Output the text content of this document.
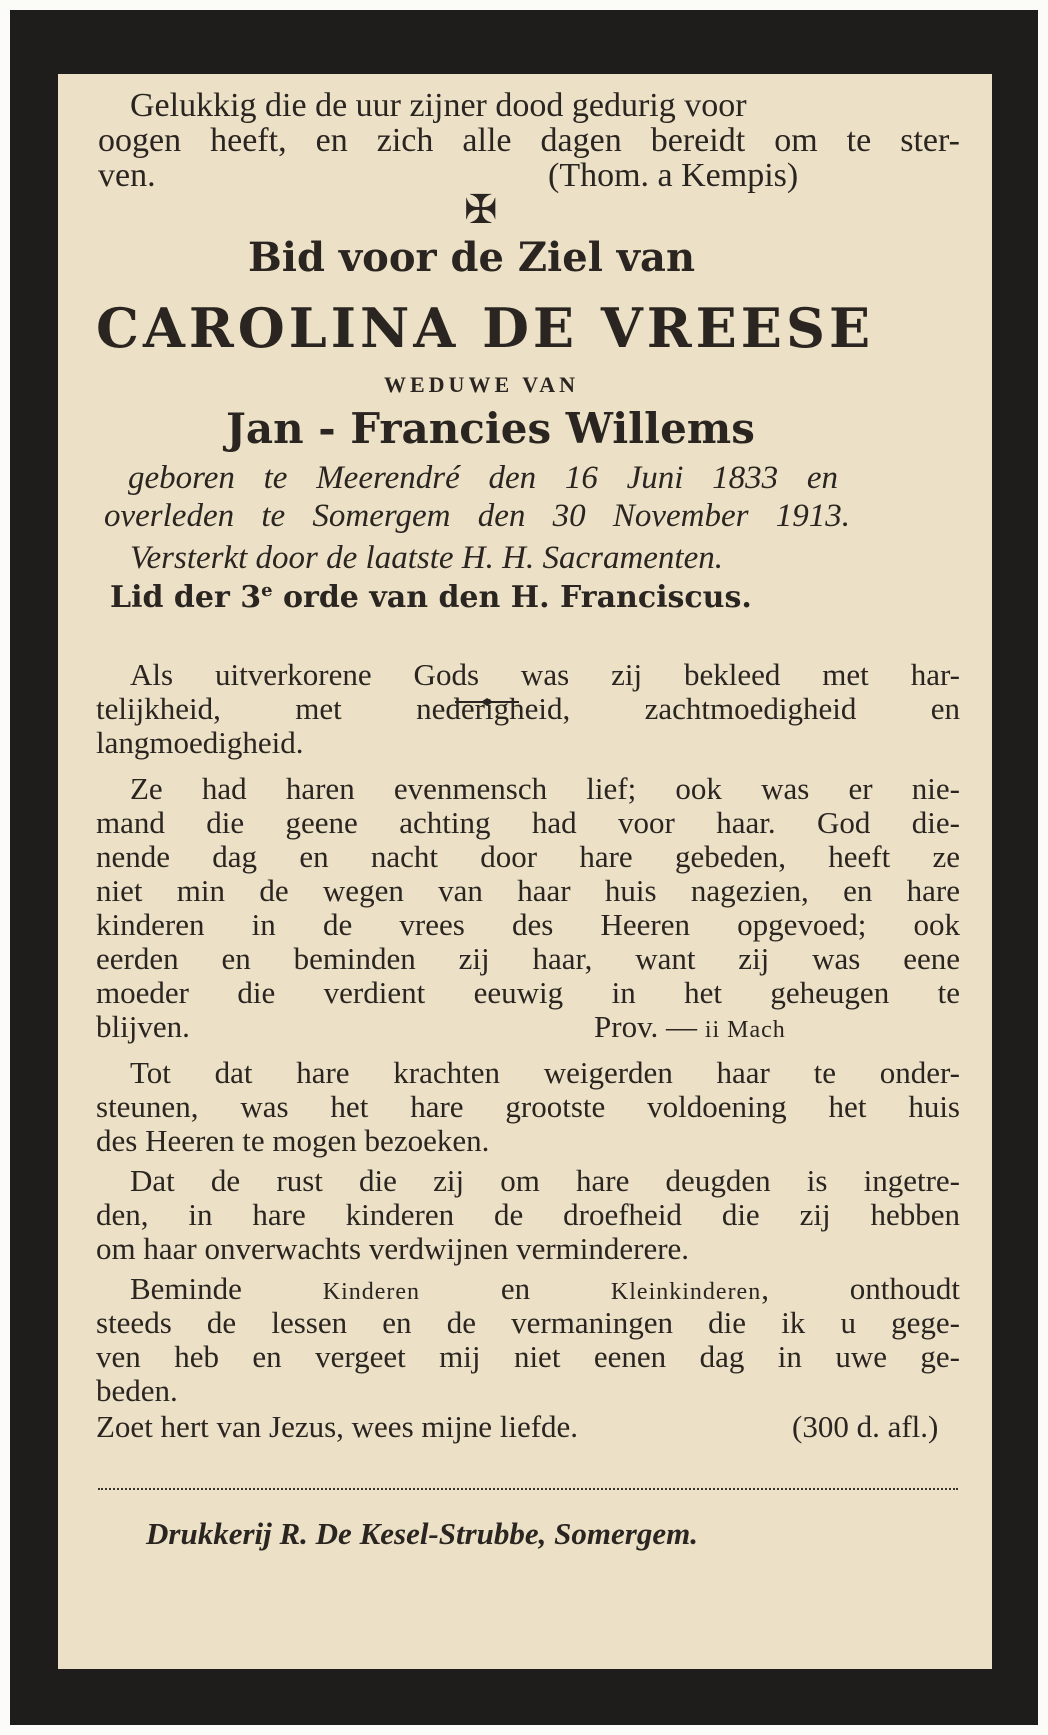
Gelukkig die de uur zijner dood gedurig voor

oogen heeft, en zich alle dagen bereidt om te ster-

ven.	(Thom. a Kempis)

✠

Bid voor de Ziel van

CAROLINA DE VREESE

WEDUWE VAN

Jan - Francies Willems

geboren te Meerendré den 16 Juni 1833 en

overleden te Somergem den 30 November 1913.

Versterkt door de laatste H. H. Sacramenten.

Lid der 3e orde van den H. Franciscus.

Als uitverkorene Gods was zij bekleed met har-

telijkheid, met nederigheid, zachtmoedigheid en

langmoedigheid.

Ze had haren evenmensch lief; ook was er nie-

mand die geene achting had voor haar. God die-

nende dag en nacht door hare gebeden, heeft ze

niet min de wegen van haar huis nagezien, en hare

kinderen in de vrees des Heeren opgevoed; ook

eerden en beminden zij haar, want zij was eene

moeder die verdient eeuwig in het geheugen te

blijven.	Prov. — ii Mach

Tot dat hare krachten weigerden haar te onder-

steunen, was het hare grootste voldoening het huis

des Heeren te mogen bezoeken.

Dat de rust die zij om hare deugden is ingetre-

den, in hare kinderen de droefheid die zij hebben

om haar onverwachts verdwijnen verminderere.

Beminde Kinderen en Kleinkinderen, onthoudt

steeds de lessen en de vermaningen die ik u gege-

ven heb en vergeet mij niet eenen dag in uwe ge-

beden.

Zoet hert van Jezus, wees mijne liefde.	(300 d. afl.)

Drukkerij R. De Kesel-Strubbe, Somergem.
